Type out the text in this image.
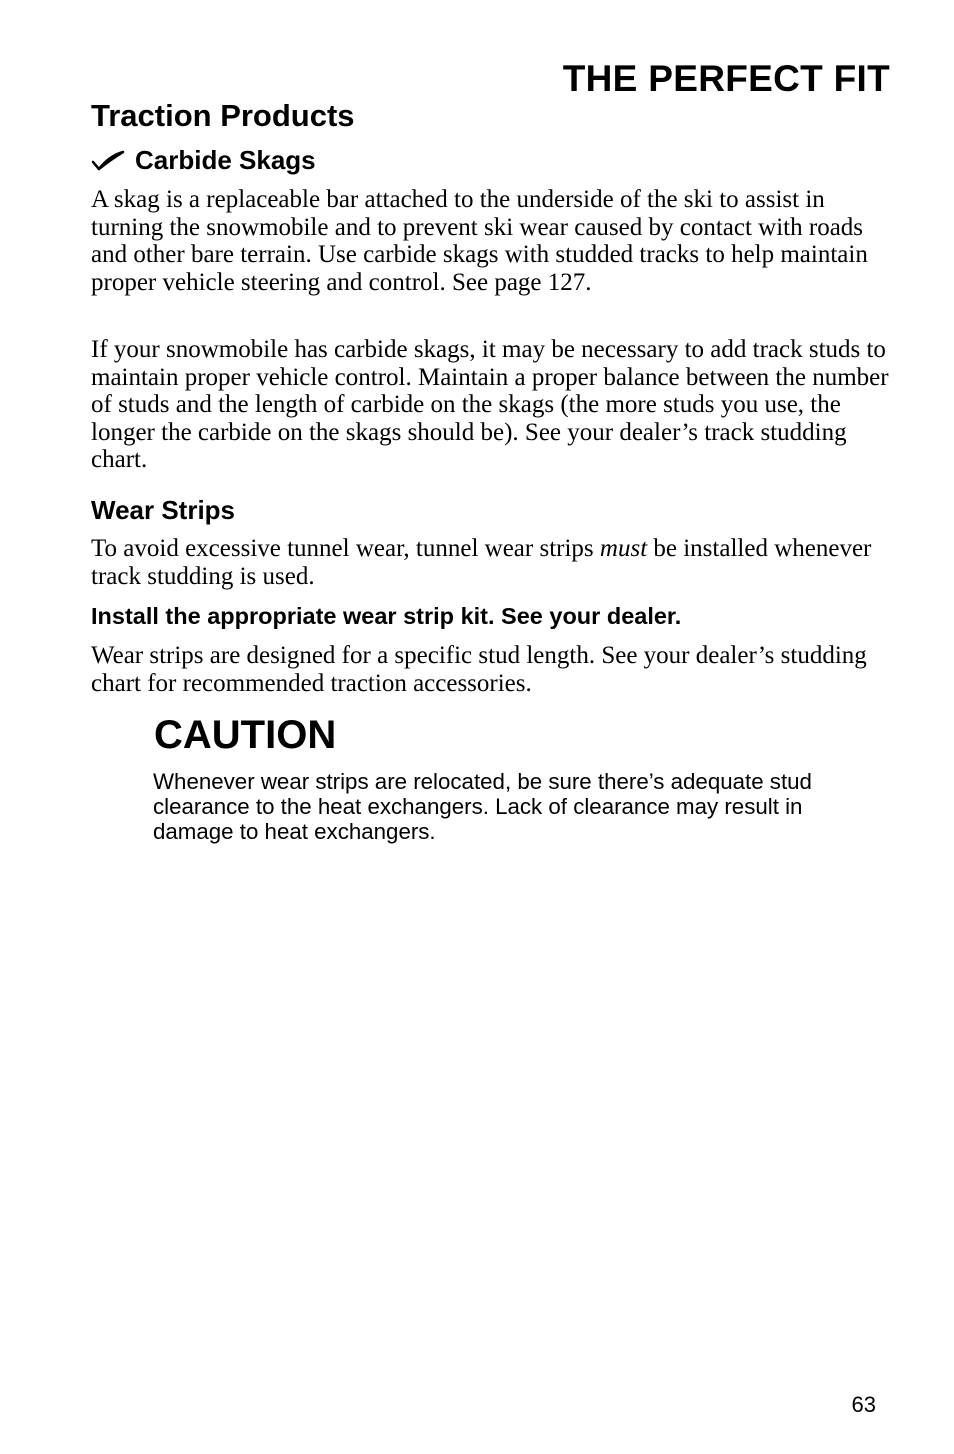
THE PERFECT FIT
Traction Products
Carbide Skags

A skag is a replaceable bar attached to the underside of the ski to assist in turning the snowmobile and to prevent ski wear caused by contact with roads and other bare terrain. Use carbide skags with studded tracks to help maintain proper vehicle steering and control. See page 127.

If your snowmobile has carbide skags, it may be necessary to add track studs to maintain proper vehicle control. Maintain a proper balance between the number of studs and the length of carbide on the skags (the more studs you use, the longer the carbide on the skags should be). See your dealer’s track studding chart.

Wear Strips

To avoid excessive tunnel wear, tunnel wear strips must be installed whenever track studding is used.

Install the appropriate wear strip kit. See your dealer.

Wear strips are designed for a specific stud length. See your dealer’s studding chart for recommended traction accessories.

CAUTION

Whenever wear strips are relocated, be sure there’s adequate stud clearance to the heat exchangers. Lack of clearance may result in damage to heat exchangers.

63
